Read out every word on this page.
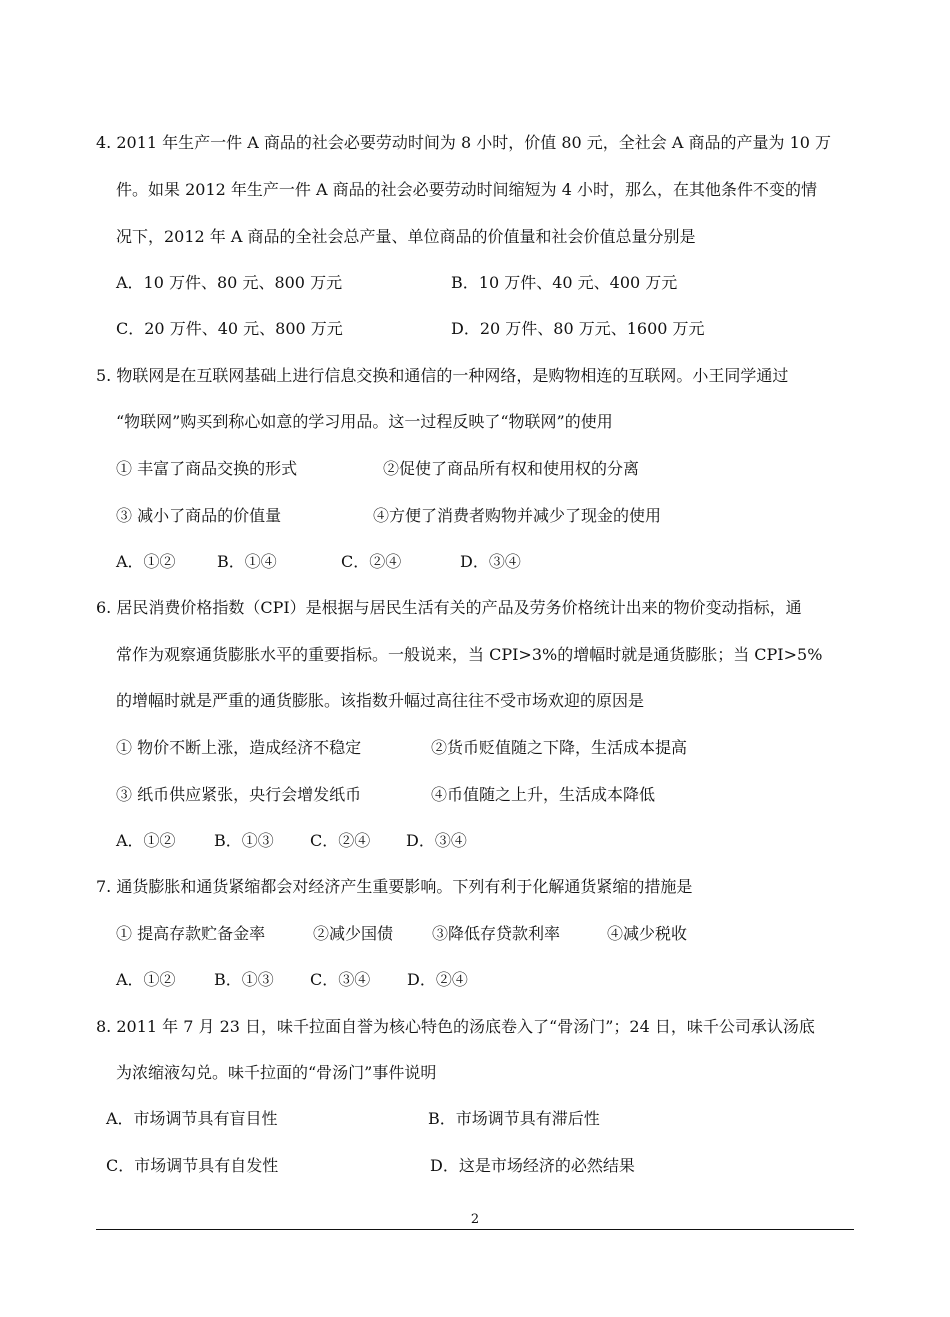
4. 2011 年生产一件 A 商品的社会必要劳动时间为 8 小时，价值 80 元，全社会 A 商品的产量为 10 万
件。如果 2012 年生产一件 A 商品的社会必要劳动时间缩短为 4 小时，那么，在其他条件不变的情
况下，2012 年 A 商品的全社会总产量、单位商品的价值量和社会价值总量分别是
A．10 万件、80 元、800 万元	B．10 万件、40 元、400 万元
C．20 万件、40 元、800 万元	D．20 万件、80 万元、1600 万元
5. 物联网是在互联网基础上进行信息交换和通信的一种网络，是购物相连的互联网。小王同学通过
“物联网”购买到称心如意的学习用品。这一过程反映了“物联网”的使用
① 丰富了商品交换的形式	②促使了商品所有权和使用权的分离
③ 减小了商品的价值量	④方便了消费者购物并减少了现金的使用
A．①②	B．①④	C．②④	D．③④
6. 居民消费价格指数（CPI）是根据与居民生活有关的产品及劳务价格统计出来的物价变动指标，通
常作为观察通货膨胀水平的重要指标。一般说来，当 CPI>3%的增幅时就是通货膨胀；当 CPI>5%
的增幅时就是严重的通货膨胀。该指数升幅过高往往不受市场欢迎的原因是
① 物价不断上涨，造成经济不稳定	②货币贬值随之下降，生活成本提高
③ 纸币供应紧张，央行会增发纸币	④币值随之上升，生活成本降低
A．①② B．①③ C．②④ D．③④
7. 通货膨胀和通货紧缩都会对经济产生重要影响。下列有利于化解通货紧缩的措施是
① 提高存款贮备金率	②减少国债 ③降低存贷款利率	④减少税收
A．①② B．①③ C．③④ D．②④
8. 2011 年 7 月 23 日，味千拉面自誉为核心特色的汤底卷入了“骨汤门”；24 日，味千公司承认汤底
为浓缩液勾兑。味千拉面的“骨汤门”事件说明
A．市场调节具有盲目性	B．市场调节具有滞后性
C．市场调节具有自发性	D．这是市场经济的必然结果
2
